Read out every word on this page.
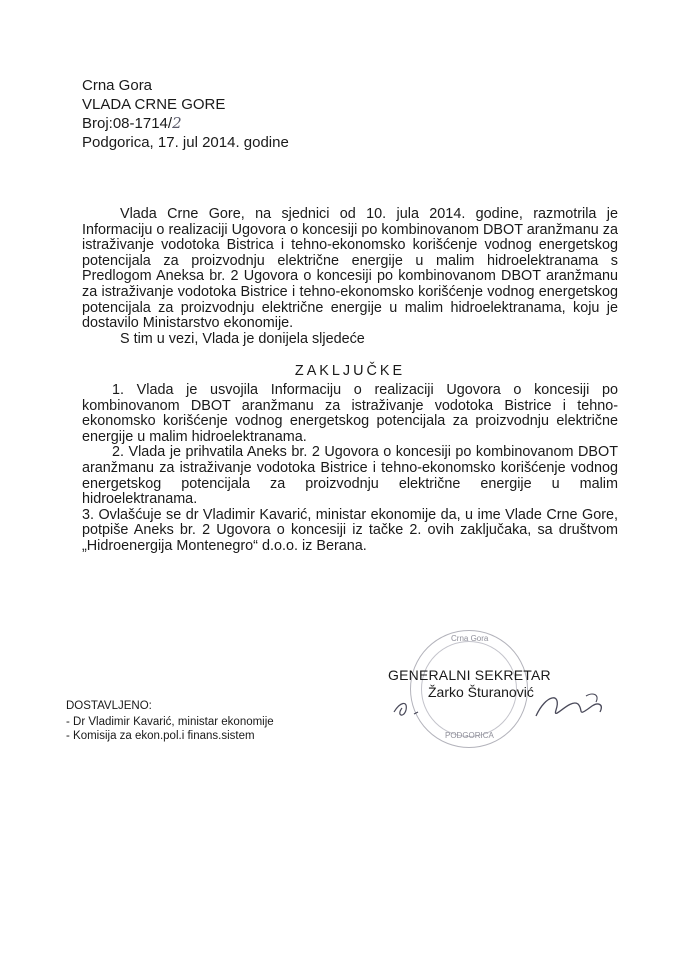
Crna Gora
VLADA CRNE GORE
Broj:08-1714/2
Podgorica, 17. jul 2014. godine

Vlada Crne Gore, na sjednici od 10. jula 2014. godine, razmotrila je Informaciju o realizaciji Ugovora o koncesiji po kombinovanom DBOT aranžmanu za istraživanje vodotoka Bistrica i tehno-ekonomsko korišćenje vodnog energetskog potencijala za proizvodnju električne energije u malim hidroelektranama s Predlogom Aneksa br. 2 Ugovora o koncesiji po kombinovanom DBOT aranžmanu za istraživanje vodotoka Bistrice i tehno-ekonomsko korišćenje vodnog energetskog potencijala za proizvodnju električne energije u malim hidroelektranama, koju je dostavilo Ministarstvo ekonomije.

S tim u vezi, Vlada je donijela sljedeće

ZAKLJUČKE

1. Vlada je usvojila Informaciju o realizaciji Ugovora o koncesiji po kombinovanom DBOT aranžmanu za istraživanje vodotoka Bistrice i tehno-ekonomsko korišćenje vodnog energetskog potencijala za proizvodnju električne energije u malim hidroelektranama.

2. Vlada je prihvatila Aneks br. 2 Ugovora o koncesiji po kombinovanom DBOT aranžmanu za istraživanje vodotoka Bistrice i tehno-ekonomsko korišćenje vodnog energetskog potencijala za proizvodnju električne energije u malim hidroelektranama.

3. Ovlašćuje se dr Vladimir Kavarić, ministar ekonomije da, u ime Vlade Crne Gore, potpiše Aneks br. 2 Ugovora o koncesiji iz tačke 2. ovih zaključaka, sa društvom „Hidroenergija Montenegro“ d.o.o. iz Berana.

Crna Gora
PODGORICA
GENERALNI SEKRETAR
Žarko Šturanović
DOSTAVLJENO:
- Dr Vladimir Kavarić, ministar ekonomije
- Komisija za ekon.pol.i finans.sistem
